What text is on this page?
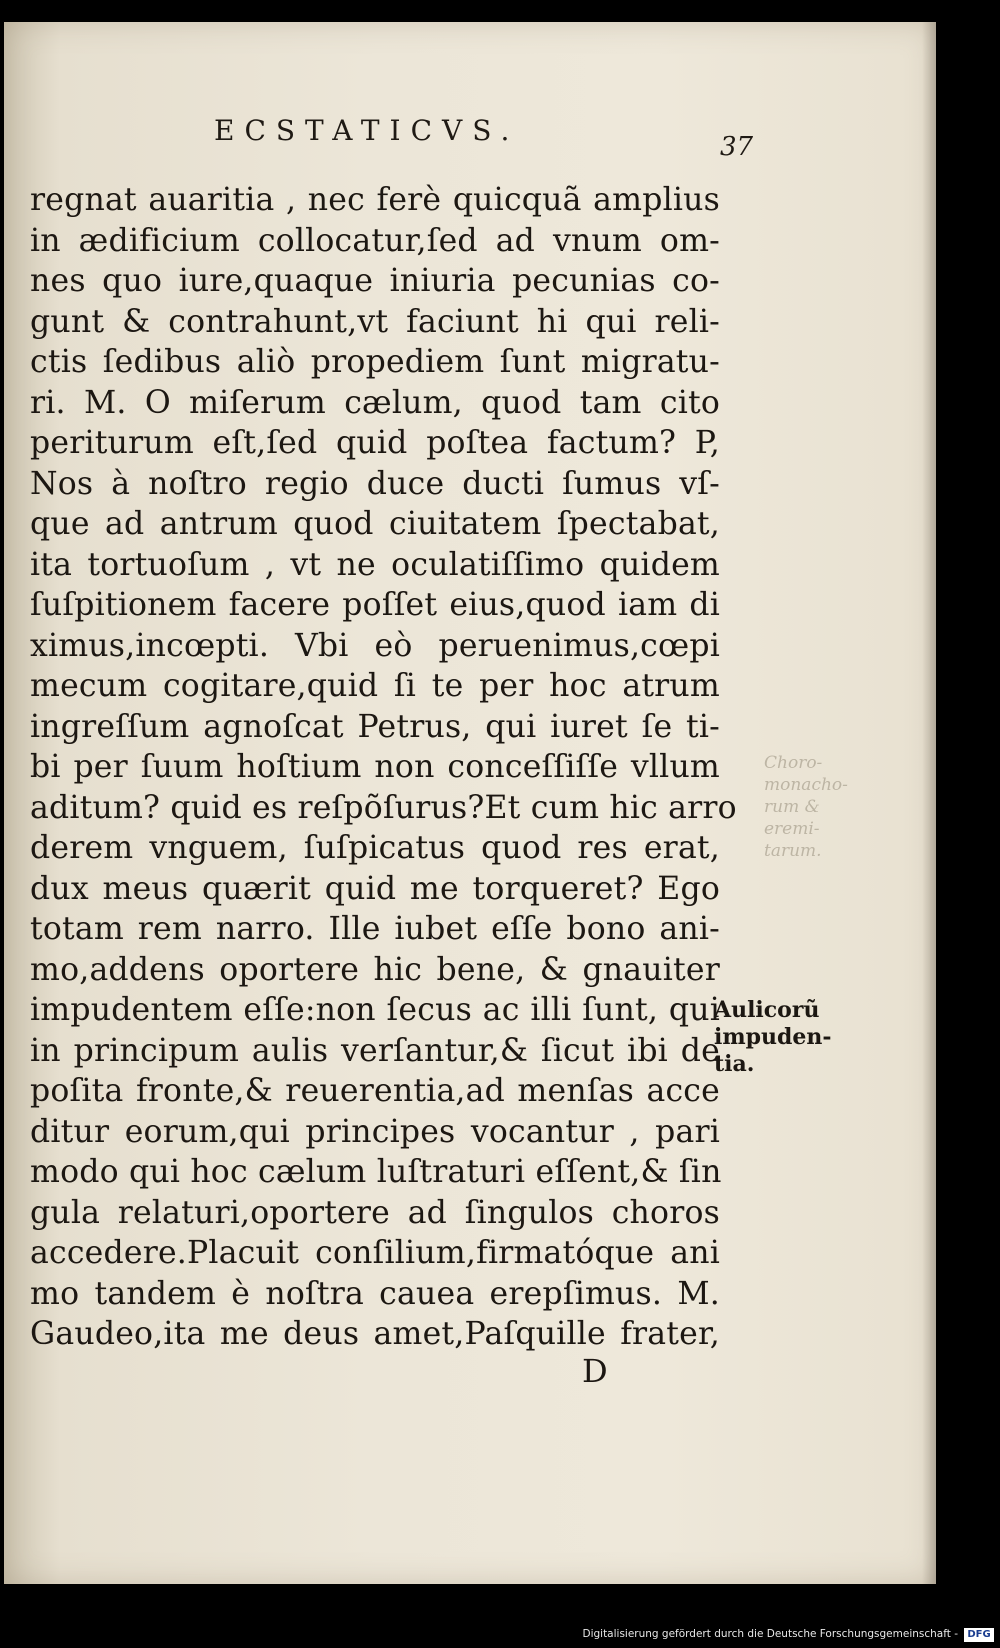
ECSTATICVS.	37
Choro-
monacho-
rum &
eremi-
tarum.
regnat auaritia , nec ferè quicquã amplius
in ædificium collocatur,ſed ad vnum om-
nes quo iure,quaque iniuria pecunias co-
gunt & contrahunt,vt faciunt hi qui reli-
ctis ſedibus aliò propediem ſunt migratu-
ri. M. O miſerum cælum, quod tam cito
periturum eſt,ſed quid poſtea factum? P,
Nos à noſtro regio duce ducti ſumus vſ-
que ad antrum quod ciuitatem ſpectabat,
ita tortuoſum , vt ne oculatiſſimo quidem
ſuſpitionem facere poſſet eius,quod iam di
ximus,incœpti. Vbi eò peruenimus,cœpi
mecum cogitare,quid ſi te per hoc atrum
ingreſſum agnoſcat Petrus, qui iuret ſe ti-
bi per ſuum hoſtium non conceſſiſſe vllum
aditum? quid es reſpõſurus?Et cum hic arro
derem vnguem, ſuſpicatus quod res erat,
dux meus quærit quid me torqueret? Ego
totam rem narro. Ille iubet eſſe bono ani-
mo,addens oportere hic bene, & gnauiter
impudentem eſſe:non ſecus ac illi ſunt, qui
in principum aulis verſantur,& ſicut ibi de
poſita fronte,& reuerentia,ad menſas acce
ditur eorum,qui principes vocantur , pari
modo qui hoc cælum luſtraturi eſſent,& ſin
gula relaturi,oportere ad ſingulos choros
accedere.Placuit conſilium,firmatóque ani
mo tandem è noſtra cauea erepſimus. M.
Gaudeo,ita me deus amet,Paſquille frater,
Aulicorũ
impuden-
tia.
D
Digitalisierung gefördert durch die Deutsche Forschungsgemeinschaft - DFG
